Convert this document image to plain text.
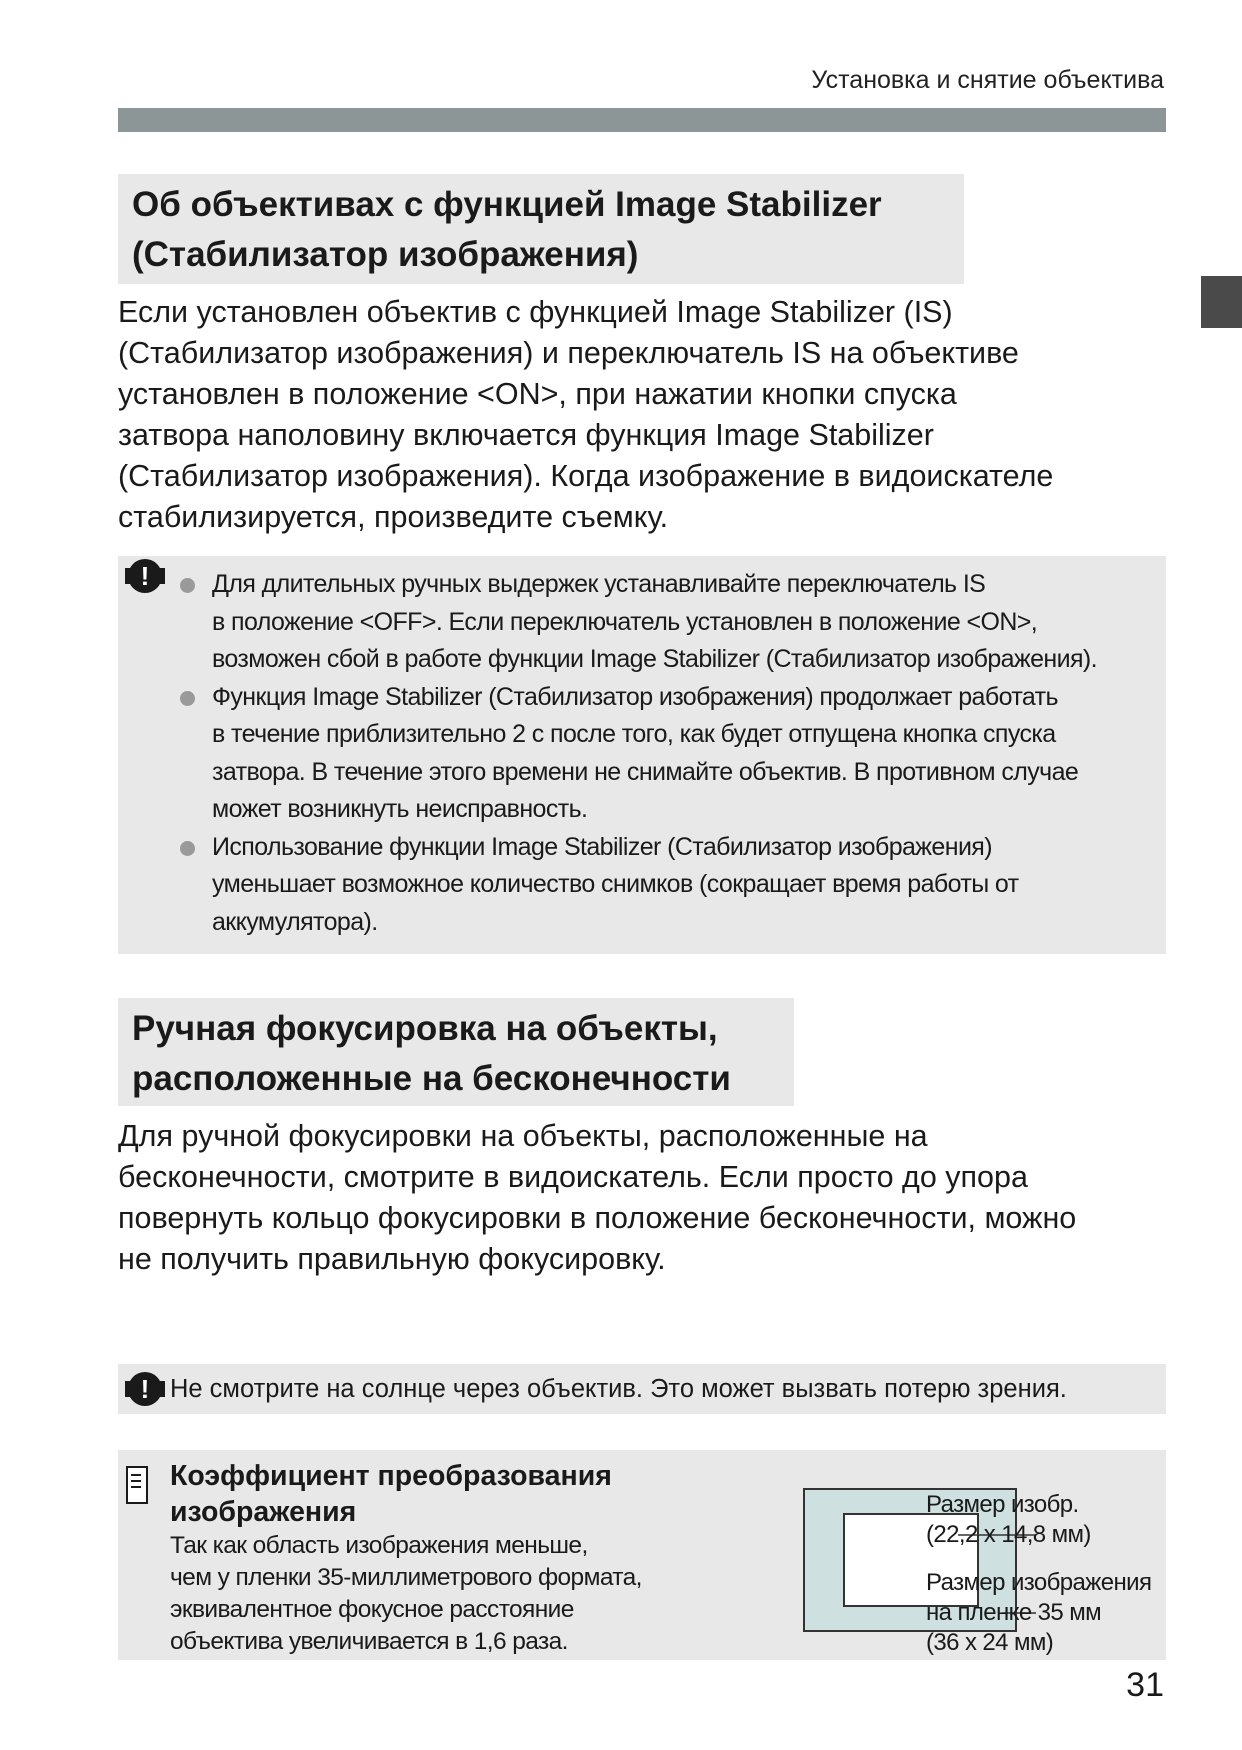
Установка и снятие объектива
Об объективах с функцией Image Stabilizer
(Стабилизатор изображения)
Если установлен объектив с функцией Image Stabilizer (IS)
(Стабилизатор изображения) и переключатель IS на объективе
установлен в положение <ON>, при нажатии кнопки спуска
затвора наполовину включается функция Image Stabilizer
(Стабилизатор изображения). Когда изображение в видоискателе
стабилизируется, произведите съемку.
!	Для длительных ручных выдержек устанавливайте переключатель IS
в положение <OFF>. Если переключатель установлен в положение <ON>,
возможен сбой в работе функции Image Stabilizer (Стабилизатор изображения).
Функция Image Stabilizer (Стабилизатор изображения) продолжает работать
в течение приблизительно 2 с после того, как будет отпущена кнопка спуска
затвора. В течение этого времени не снимайте объектив. В противном случае
может возникнуть неисправность.
Использование функции Image Stabilizer (Стабилизатор изображения)
уменьшает возможное количество снимков (сокращает время работы от
аккумулятора).
Ручная фокусировка на объекты,
расположенные на бесконечности
Для ручной фокусировки на объекты, расположенные на
бесконечности, смотрите в видоискатель. Если просто до упора
повернуть кольцо фокусировки в положение бесконечности, можно
не получить правильную фокусировку.
! Не смотрите на солнце через объектив. Это может вызвать потерю зрения.
Коэффициент преобразования
изображения
Так как область изображения меньше,
чем у пленки 35-миллиметрового формата,
эквивалентное фокусное расстояние
объектива увеличивается в 1,6 раза.
Размер изобр.
(22,2 x 14,8 мм)
Размер изображения
на пленке 35 мм
(36 x 24 мм)
31
